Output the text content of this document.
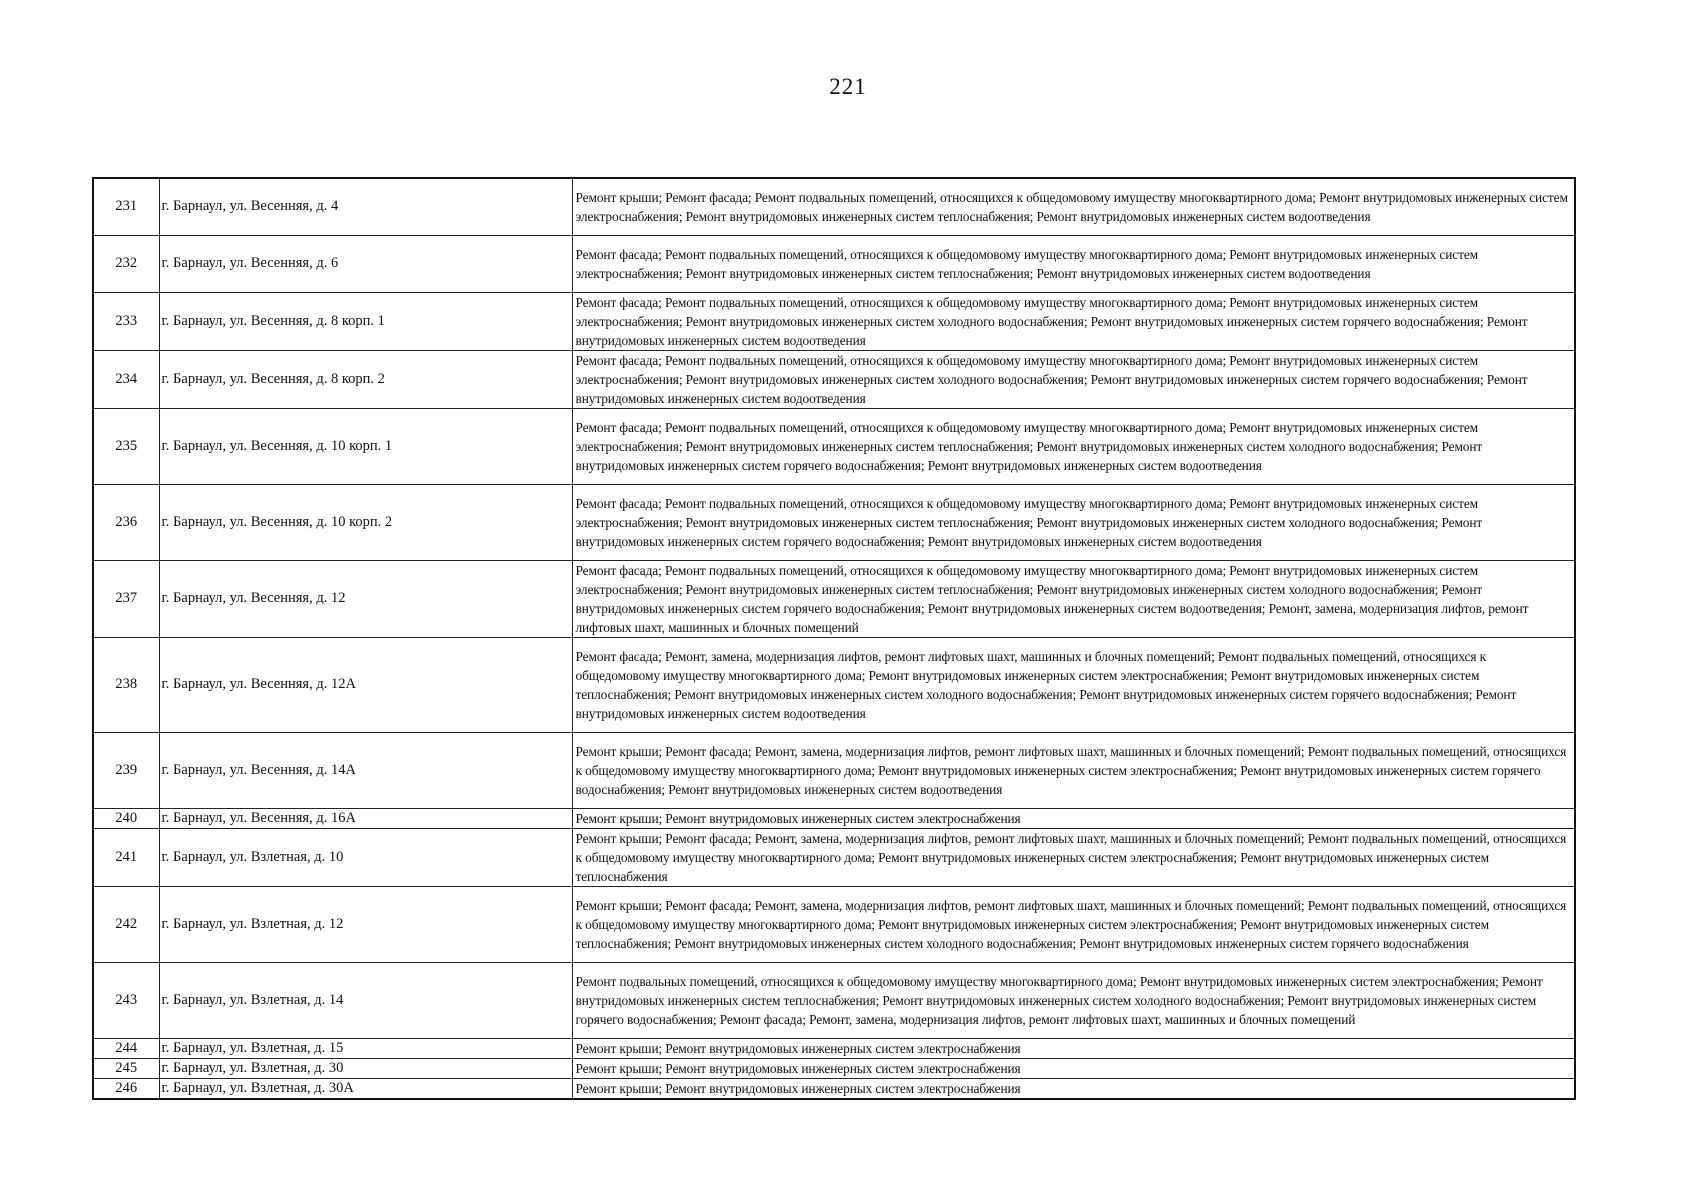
221
231	г. Барнаул, ул. Весенняя, д. 4	Ремонт крыши; Ремонт фасада; Ремонт подвальных помещений, относящихся к общедомовому имуществу многоквартирного дома; Ремонт внутридомовых инженерных систем электроснабжения; Ремонт внутридомовых инженерных систем теплоснабжения; Ремонт внутридомовых инженерных систем водоотведения
232	г. Барнаул, ул. Весенняя, д. 6	Ремонт фасада; Ремонт подвальных помещений, относящихся к общедомовому имуществу многоквартирного дома; Ремонт внутридомовых инженерных систем электроснабжения; Ремонт внутридомовых инженерных систем теплоснабжения; Ремонт внутридомовых инженерных систем водоотведения
233	г. Барнаул, ул. Весенняя, д. 8 корп. 1	Ремонт фасада; Ремонт подвальных помещений, относящихся к общедомовому имуществу многоквартирного дома; Ремонт внутридомовых инженерных систем электроснабжения; Ремонт внутридомовых инженерных систем холодного водоснабжения; Ремонт внутридомовых инженерных систем горячего водоснабжения; Ремонт внутридомовых инженерных систем водоотведения
234	г. Барнаул, ул. Весенняя, д. 8 корп. 2	Ремонт фасада; Ремонт подвальных помещений, относящихся к общедомовому имуществу многоквартирного дома; Ремонт внутридомовых инженерных систем электроснабжения; Ремонт внутридомовых инженерных систем холодного водоснабжения; Ремонт внутридомовых инженерных систем горячего водоснабжения; Ремонт внутридомовых инженерных систем водоотведения
235	г. Барнаул, ул. Весенняя, д. 10 корп. 1	Ремонт фасада; Ремонт подвальных помещений, относящихся к общедомовому имуществу многоквартирного дома; Ремонт внутридомовых инженерных систем электроснабжения; Ремонт внутридомовых инженерных систем теплоснабжения; Ремонт внутридомовых инженерных систем холодного водоснабжения; Ремонт внутридомовых инженерных систем горячего водоснабжения; Ремонт внутридомовых инженерных систем водоотведения
236	г. Барнаул, ул. Весенняя, д. 10 корп. 2	Ремонт фасада; Ремонт подвальных помещений, относящихся к общедомовому имуществу многоквартирного дома; Ремонт внутридомовых инженерных систем электроснабжения; Ремонт внутридомовых инженерных систем теплоснабжения; Ремонт внутридомовых инженерных систем холодного водоснабжения; Ремонт внутридомовых инженерных систем горячего водоснабжения; Ремонт внутридомовых инженерных систем водоотведения
237	г. Барнаул, ул. Весенняя, д. 12	Ремонт фасада; Ремонт подвальных помещений, относящихся к общедомовому имуществу многоквартирного дома; Ремонт внутридомовых инженерных систем электроснабжения; Ремонт внутридомовых инженерных систем теплоснабжения; Ремонт внутридомовых инженерных систем холодного водоснабжения; Ремонт внутридомовых инженерных систем горячего водоснабжения; Ремонт внутридомовых инженерных систем водоотведения; Ремонт, замена, модернизация лифтов, ремонт лифтовых шахт, машинных и блочных помещений
238	г. Барнаул, ул. Весенняя, д. 12А	Ремонт фасада; Ремонт, замена, модернизация лифтов, ремонт лифтовых шахт, машинных и блочных помещений; Ремонт подвальных помещений, относящихся к общедомовому имуществу многоквартирного дома; Ремонт внутридомовых инженерных систем электроснабжения; Ремонт внутридомовых инженерных систем теплоснабжения; Ремонт внутридомовых инженерных систем холодного водоснабжения; Ремонт внутридомовых инженерных систем горячего водоснабжения; Ремонт внутридомовых инженерных систем водоотведения
239	г. Барнаул, ул. Весенняя, д. 14А	Ремонт крыши; Ремонт фасада; Ремонт, замена, модернизация лифтов, ремонт лифтовых шахт, машинных и блочных помещений; Ремонт подвальных помещений, относящихся к общедомовому имуществу многоквартирного дома; Ремонт внутридомовых инженерных систем электроснабжения; Ремонт внутридомовых инженерных систем горячего водоснабжения; Ремонт внутридомовых инженерных систем водоотведения
240	г. Барнаул, ул. Весенняя, д. 16А	Ремонт крыши; Ремонт внутридомовых инженерных систем электроснабжения
241	г. Барнаул, ул. Взлетная, д. 10	Ремонт крыши; Ремонт фасада; Ремонт, замена, модернизация лифтов, ремонт лифтовых шахт, машинных и блочных помещений; Ремонт подвальных помещений, относящихся к общедомовому имуществу многоквартирного дома; Ремонт внутридомовых инженерных систем электроснабжения; Ремонт внутридомовых инженерных систем теплоснабжения
242	г. Барнаул, ул. Взлетная, д. 12	Ремонт крыши; Ремонт фасада; Ремонт, замена, модернизация лифтов, ремонт лифтовых шахт, машинных и блочных помещений; Ремонт подвальных помещений, относящихся к общедомовому имуществу многоквартирного дома; Ремонт внутридомовых инженерных систем электроснабжения; Ремонт внутридомовых инженерных систем теплоснабжения; Ремонт внутридомовых инженерных систем холодного водоснабжения; Ремонт внутридомовых инженерных систем горячего водоснабжения
243	г. Барнаул, ул. Взлетная, д. 14	Ремонт подвальных помещений, относящихся к общедомовому имуществу многоквартирного дома; Ремонт внутридомовых инженерных систем электроснабжения; Ремонт внутридомовых инженерных систем теплоснабжения; Ремонт внутридомовых инженерных систем холодного водоснабжения; Ремонт внутридомовых инженерных систем горячего водоснабжения; Ремонт фасада; Ремонт, замена, модернизация лифтов, ремонт лифтовых шахт, машинных и блочных помещений
244	г. Барнаул, ул. Взлетная, д. 15	Ремонт крыши; Ремонт внутридомовых инженерных систем электроснабжения
245	г. Барнаул, ул. Взлетная, д. 30	Ремонт крыши; Ремонт внутридомовых инженерных систем электроснабжения
246	г. Барнаул, ул. Взлетная, д. 30А	Ремонт крыши; Ремонт внутридомовых инженерных систем электроснабжения
